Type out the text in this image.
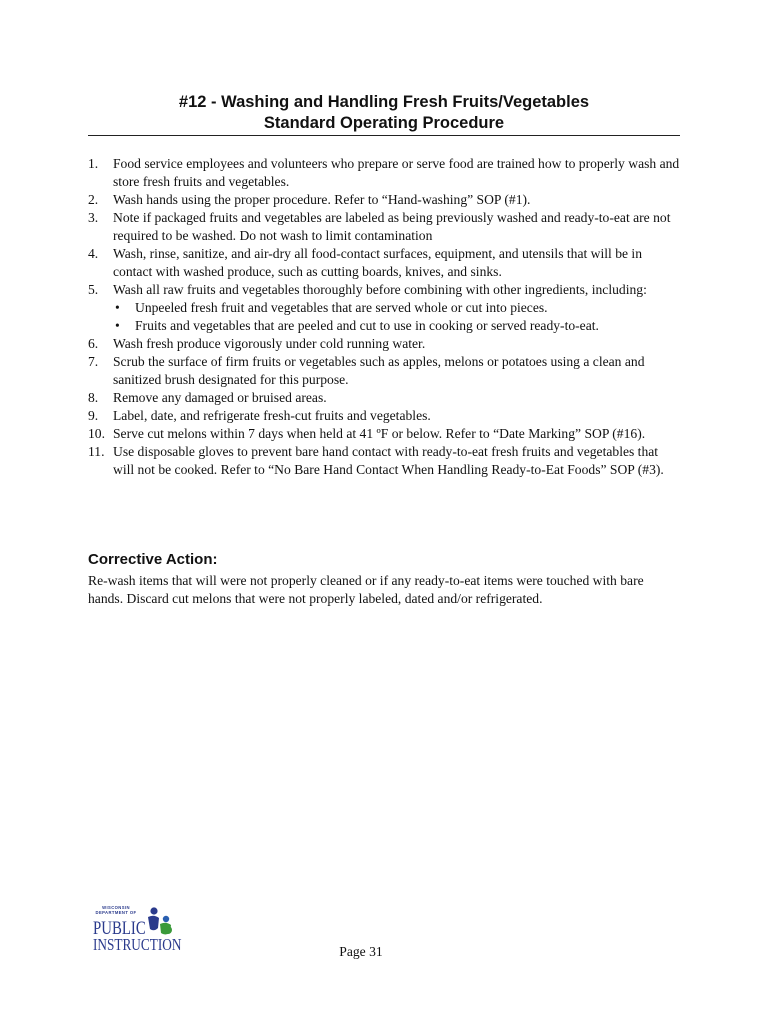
#12 - Washing and Handling Fresh Fruits/Vegetables
Standard Operating Procedure
1.	Food service employees and volunteers who prepare or serve food are trained how to properly wash and store fresh fruits and vegetables.
2.	Wash hands using the proper procedure. Refer to “Hand-washing” SOP (#1).
3.	Note if packaged fruits and vegetables are labeled as being previously washed and ready-to-eat are not required to be washed. Do not wash to limit contamination
4.	Wash, rinse, sanitize, and air-dry all food-contact surfaces, equipment, and utensils that will be in contact with washed produce, such as cutting boards, knives, and sinks.
5.	Wash all raw fruits and vegetables thoroughly before combining with other ingredients, including:
• Unpeeled fresh fruit and vegetables that are served whole or cut into pieces.
• Fruits and vegetables that are peeled and cut to use in cooking or served ready-to-eat.
6.	Wash fresh produce vigorously under cold running water.
7.	Scrub the surface of firm fruits or vegetables such as apples, melons or potatoes using a clean and sanitized brush designated for this purpose.
8.	Remove any damaged or bruised areas.
9.	Label, date, and refrigerate fresh-cut fruits and vegetables.
10. Serve cut melons within 7 days when held at 41 ºF or below. Refer to “Date Marking” SOP (#16).
11. Use disposable gloves to prevent bare hand contact with ready-to-eat fresh fruits and vegetables that will not be cooked. Refer to “No Bare Hand Contact When Handling Ready-to-Eat Foods” SOP (#3).
Corrective Action:
Re-wash items that will were not properly cleaned or if any ready-to-eat items were touched with bare hands. Discard cut melons that were not properly labeled, dated and/or refrigerated.
WISCONSIN
DEPARTMENT OF
PUBLIC
INSTRUCTION	Page 31
